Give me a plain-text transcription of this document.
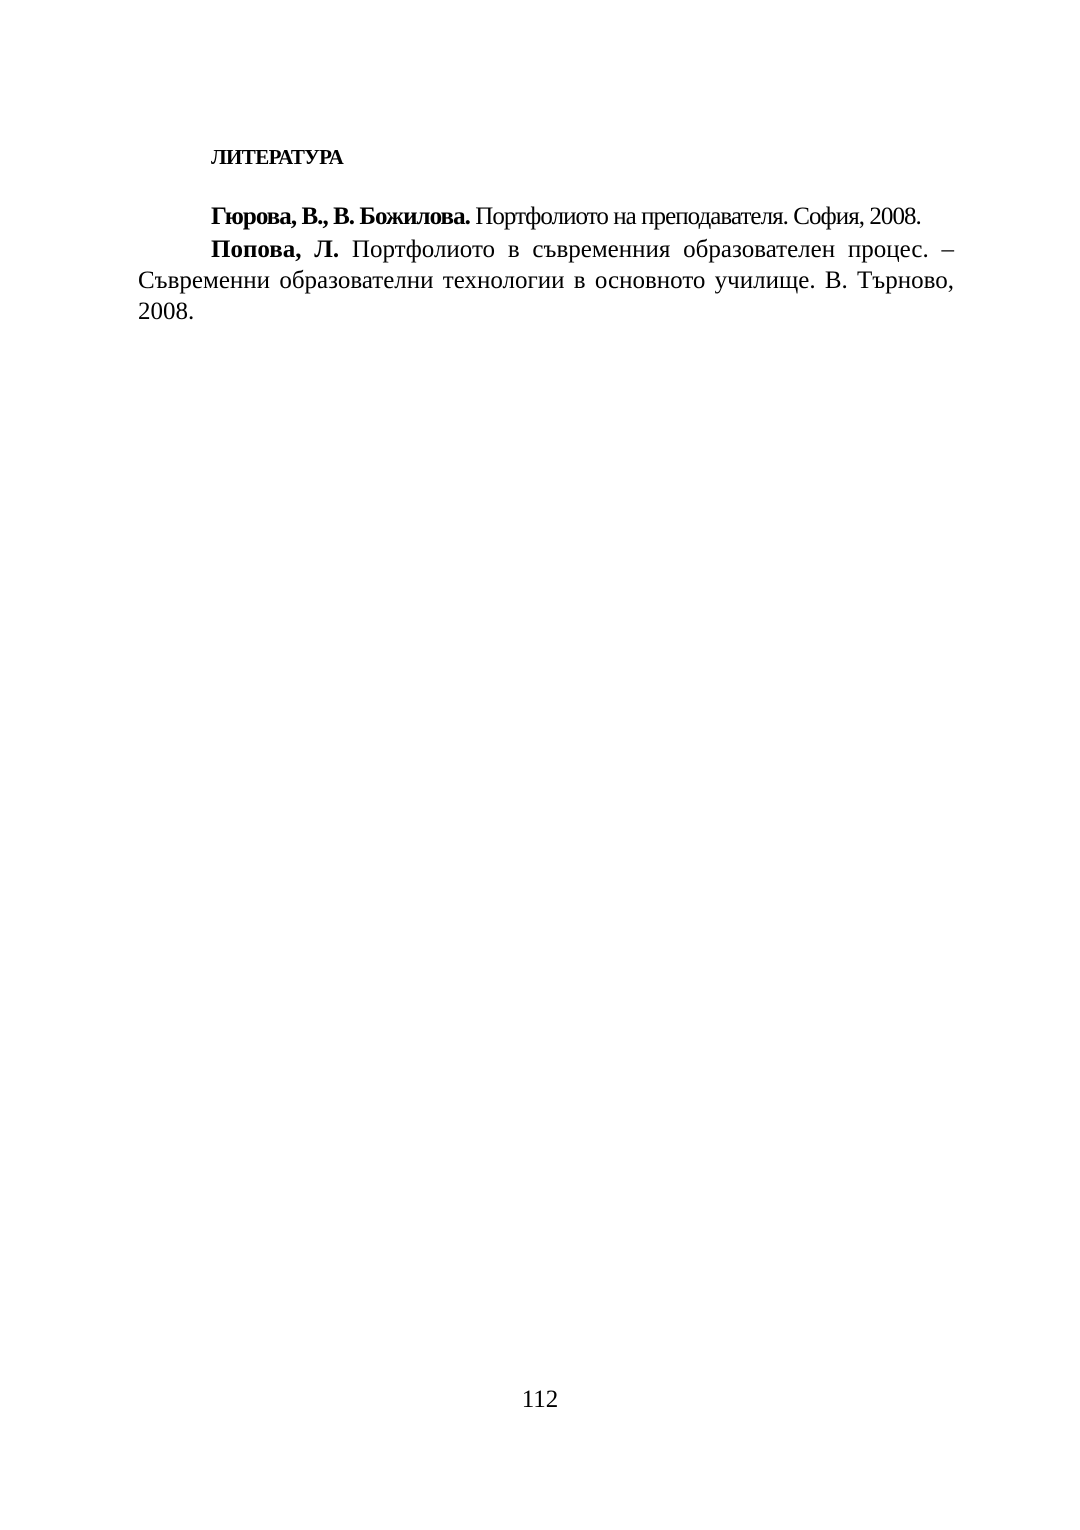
ЛИТЕРАТУРА

Гюрова, В., В. Божилова. Портфолиото на преподавателя. София, 2008.

Попова, Л. Портфолиото в съвременния образователен процес. – Съвременни образователни технологии в основното училище. В. Търново, 2008.

112
